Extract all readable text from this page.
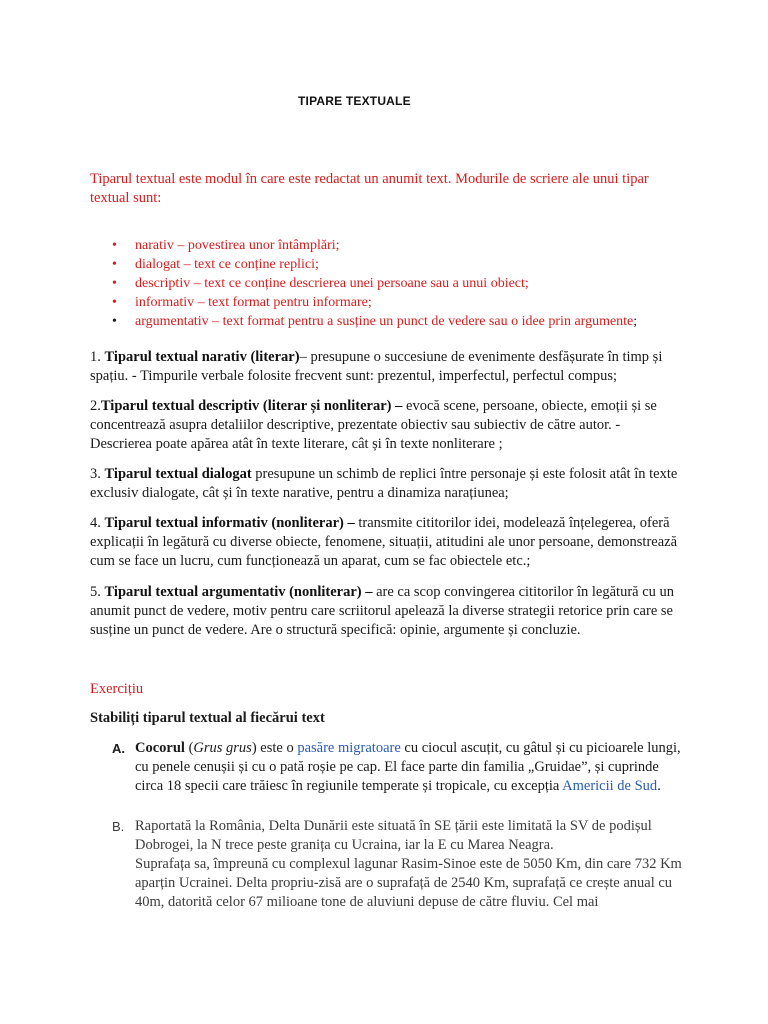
TIPARE TEXTUALE
Tiparul textual este modul în care este redactat un anumit text. Modurile de scriere ale unui tipar textual sunt:
• narativ – povestirea unor întâmplări;
• dialogat – text ce conține replici;
• descriptiv – text ce conține descrierea unei persoane sau a unui obiect;
• informativ – text format pentru informare;
• argumentativ – text format pentru a susține un punct de vedere sau o idee prin argumente;
1. Tiparul textual narativ (literar)– presupune o succesiune de evenimente desfășurate în timp și spațiu. - Timpurile verbale folosite frecvent sunt: prezentul, imperfectul, perfectul compus;
2.Tiparul textual descriptiv (literar și nonliterar) – evocă scene, persoane, obiecte, emoții și se concentrează asupra detaliilor descriptive, prezentate obiectiv sau subiectiv de către autor. - Descrierea poate apărea atât în texte literare, cât și în texte nonliterare ;
3. Tiparul textual dialogat presupune un schimb de replici între personaje și este folosit atât în texte exclusiv dialogate, cât și în texte narative, pentru a dinamiza narațiunea;
4. Tiparul textual informativ (nonliterar) – transmite cititorilor idei, modelează înțelegerea, oferă explicații în legătură cu diverse obiecte, fenomene, situații, atitudini ale unor persoane, demonstrează cum se face un lucru, cum funcționează un aparat, cum se fac obiectele etc.;
5. Tiparul textual argumentativ (nonliterar) – are ca scop convingerea cititorilor în legătură cu un anumit punct de vedere, motiv pentru care scriitorul apelează la diverse strategii retorice prin care se susține un punct de vedere. Are o structură specifică: opinie, argumente și concluzie.
Exercițiu
Stabiliți tiparul textual al fiecărui text
A. Cocorul (Grus grus) este o pasăre migratoare cu ciocul ascuțit, cu gâtul și cu picioarele lungi, cu penele cenușii și cu o pată roșie pe cap. El face parte din familia „Gruidae”, și cuprinde circa 18 specii care trăiesc în regiunile temperate și tropicale, cu excepția Americii de Sud.
B. Raportată la România, Delta Dunării este situată în SE țării este limitată la SV de podișul Dobrogei, la N trece peste granița cu Ucraina, iar la E cu Marea Neagra.
Suprafața sa, împreună cu complexul lagunar Rasim-Sinoe este de 5050 Km, din care 732 Km aparțin Ucrainei. Delta propriu-zisă are o suprafață de 2540 Km, suprafață ce crește anual cu 40m, datorită celor 67 milioane tone de aluviuni depuse de către fluviu. Cel mai
